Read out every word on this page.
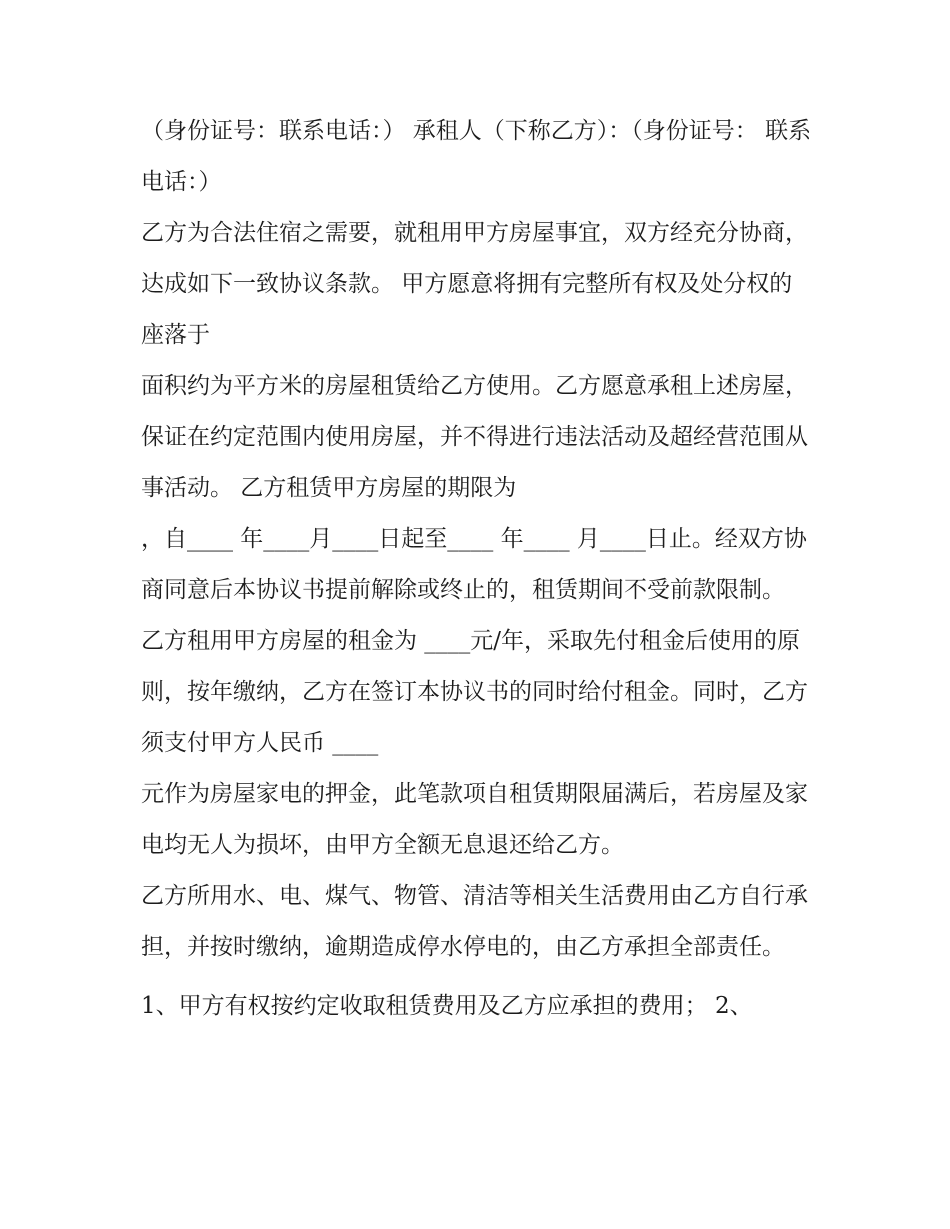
（身份证号：联系电话：） 承租人（下称乙方）：（身份证号： 联系电话：）

乙方为合法住宿之需要，就租用甲方房屋事宜，双方经充分协商，达成如下一致协议条款。 甲方愿意将拥有完整所有权及处分权的座落于

面积约为平方米的房屋租赁给乙方使用。乙方愿意承租上述房屋，保证在约定范围内使用房屋，并不得进行违法活动及超经营范围从事活动。 乙方租赁甲方房屋的期限为

，自____ 年____月____日起至____ 年____ 月____日止。经双方协商同意后本协议书提前解除或终止的，租赁期间不受前款限制。

乙方租用甲方房屋的租金为 ____元/年，采取先付租金后使用的原则，按年缴纳，乙方在签订本协议书的同时给付租金。同时，乙方须支付甲方人民币 ____

元作为房屋家电的押金，此笔款项自租赁期限届满后，若房屋及家电均无人为损坏，由甲方全额无息退还给乙方。

乙方所用水、电、煤气、物管、清洁等相关生活费用由乙方自行承担，并按时缴纳，逾期造成停水停电的，由乙方承担全部责任。

1、甲方有权按约定收取租赁费用及乙方应承担的费用； 2、
